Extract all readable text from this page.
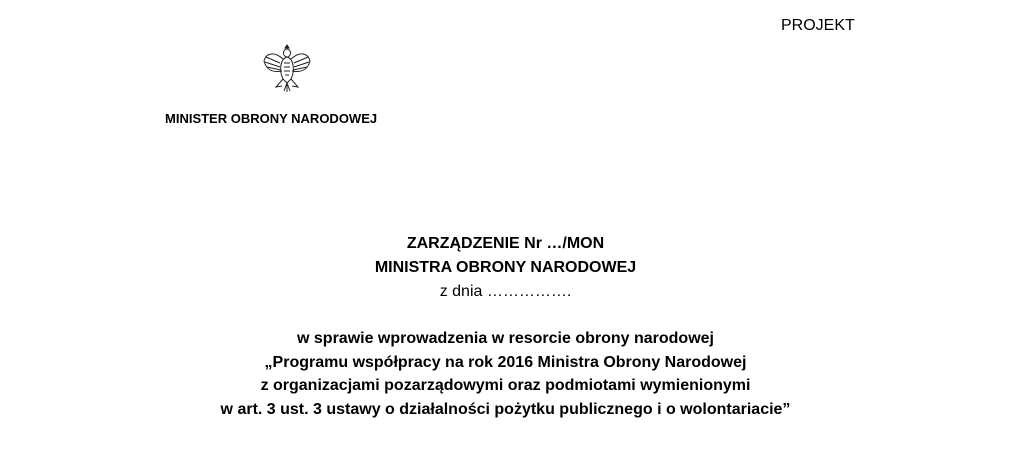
PROJEKT
MINISTER OBRONY NARODOWEJ
ZARZĄDZENIE Nr …/MON
MINISTRA OBRONY NARODOWEJ
z dnia …………….
w sprawie wprowadzenia w resorcie obrony narodowej
„Programu współpracy na rok 2016 Ministra Obrony Narodowej
z organizacjami pozarządowymi oraz podmiotami wymienionymi
w art. 3 ust. 3 ustawy o działalności pożytku publicznego i o wolontariacie”
